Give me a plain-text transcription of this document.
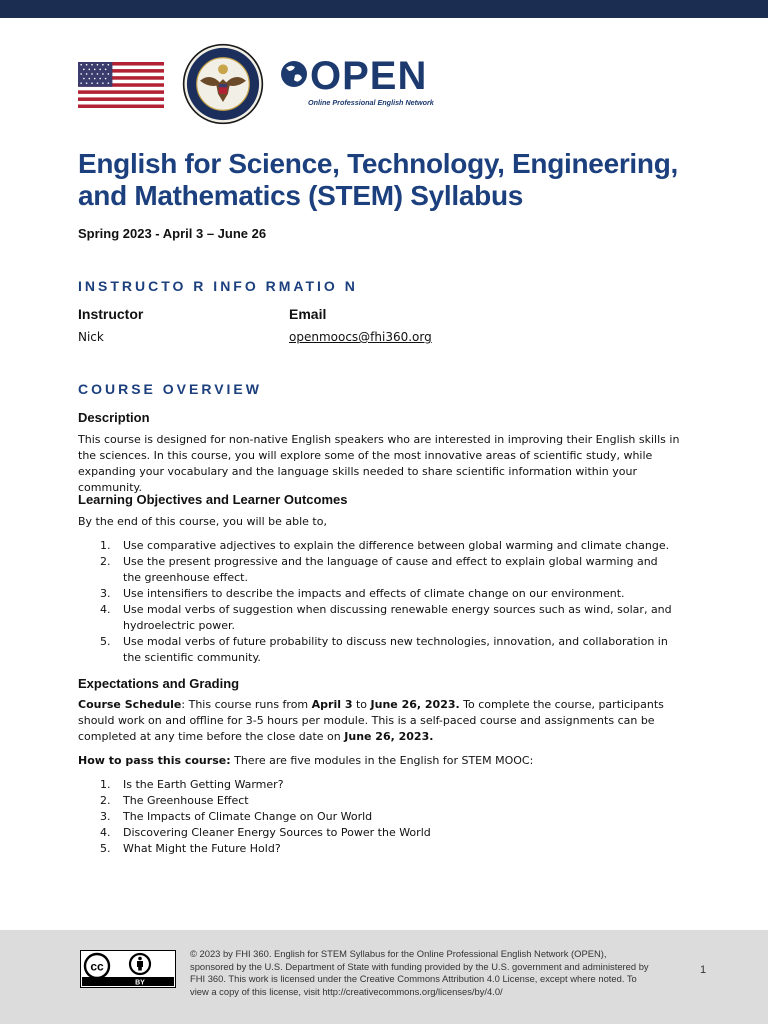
OPEN
Online Professional English Network
English for Science, Technology, Engineering, and Mathematics (STEM) Syllabus
Spring 2023 - April 3 – June 26
INSTRUCTO R INFO RMATIO N
Instructor	Email
Nick	openmoocs@fhi360.org
COURSE OVERVIEW
Description

This course is designed for non-native English speakers who are interested in improving their English skills in the sciences. In this course, you will explore some of the most innovative areas of scientific study, while expanding your vocabulary and the language skills needed to share scientific information within your community.

Learning Objectives and Learner Outcomes

By the end of this course, you will be able to,

1. Use comparative adjectives to explain the difference between global warming and climate change.
2. Use the present progressive and the language of cause and effect to explain global warming and the greenhouse effect.
3. Use intensifiers to describe the impacts and effects of climate change on our environment.
4. Use modal verbs of suggestion when discussing renewable energy sources such as wind, solar, and hydroelectric power.
5. Use modal verbs of future probability to discuss new technologies, innovation, and collaboration in the scientific community.
Expectations and Grading

Course Schedule: This course runs from April 3 to June 26, 2023. To complete the course, participants should work on and offline for 3-5 hours per module. This is a self-paced course and assignments can be completed at any time before the close date on June 26, 2023.

How to pass this course: There are five modules in the English for STEM MOOC:

1. Is the Earth Getting Warmer?
2. The Greenhouse Effect
3. The Impacts of Climate Change on Our World
4. Discovering Cleaner Energy Sources to Power the World
5. What Might the Future Hold?
cc
BY
© 2023 by FHI 360. English for STEM Syllabus for the Online Professional English Network (OPEN), sponsored by the U.S. Department of State with funding provided by the U.S. government and administered by FHI 360. This work is licensed under the Creative Commons Attribution 4.0 License, except where noted. To view a copy of this license, visit http://creativecommons.org/licenses/by/4.0/
1
